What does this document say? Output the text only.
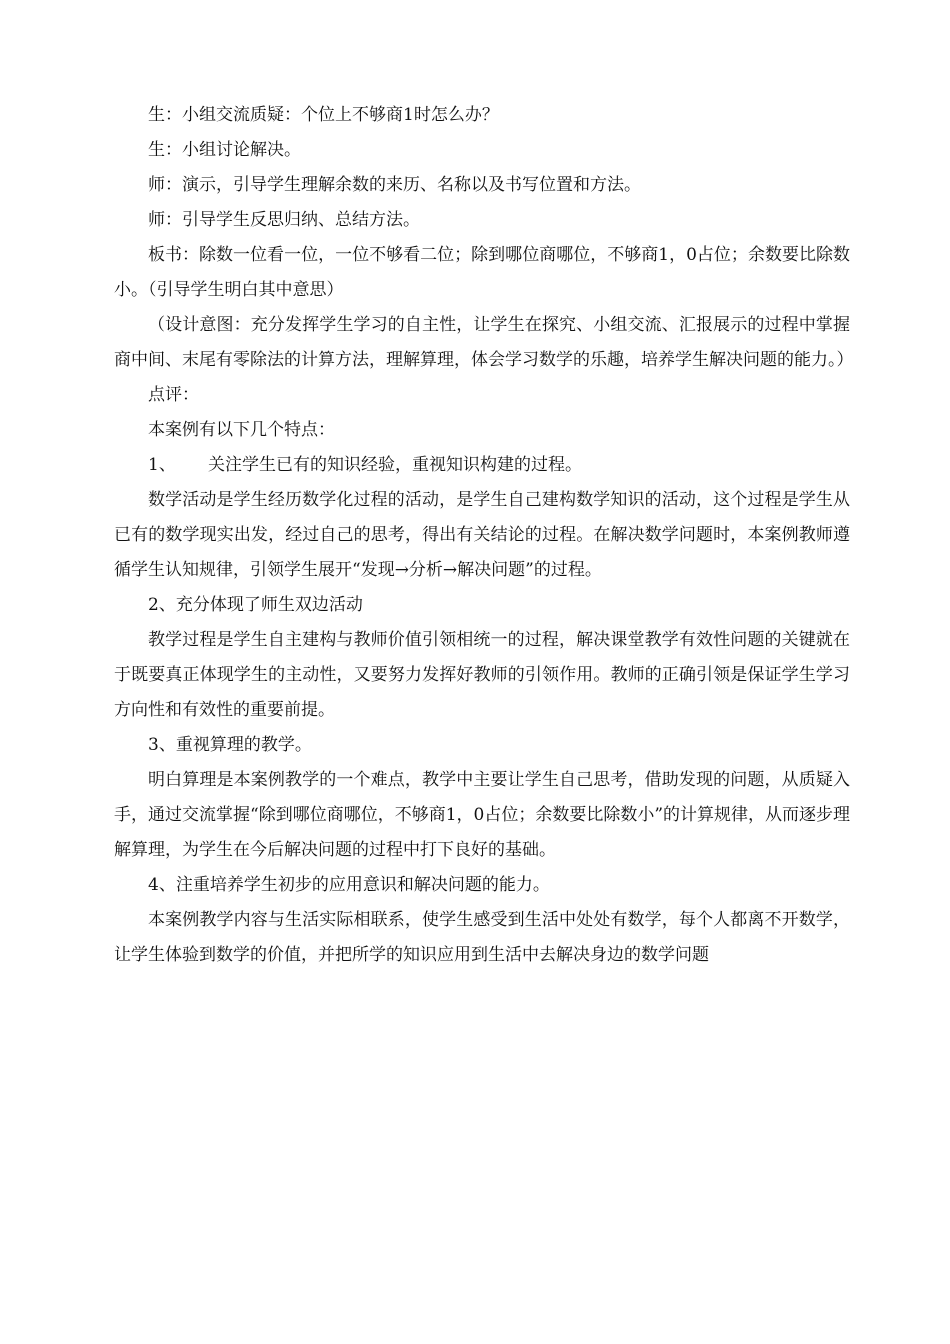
生：小组交流质疑：个位上不够商1时怎么办？

生：小组讨论解决。

师：演示，引导学生理解余数的来历、名称以及书写位置和方法。

师：引导学生反思归纳、总结方法。

板书：除数一位看一位，一位不够看二位；除到哪位商哪位，不够商1，0占位；余数要比除数小。（引导学生明白其中意思）

（设计意图：充分发挥学生学习的自主性，让学生在探究、小组交流、汇报展示的过程中掌握商中间、末尾有零除法的计算方法，理解算理，体会学习数学的乐趣，培养学生解决问题的能力。）

点评：

本案例有以下几个特点：

1、 关注学生已有的知识经验，重视知识构建的过程。

数学活动是学生经历数学化过程的活动，是学生自己建构数学知识的活动，这个过程是学生从已有的数学现实出发，经过自己的思考，得出有关结论的过程。在解决数学问题时，本案例教师遵循学生认知规律，引领学生展开“发现→分析→解决问题”的过程。

2、充分体现了师生双边活动

教学过程是学生自主建构与教师价值引领相统一的过程，解决课堂教学有效性问题的关键就在于既要真正体现学生的主动性，又要努力发挥好教师的引领作用。教师的正确引领是保证学生学习方向性和有效性的重要前提。

3、重视算理的教学。

明白算理是本案例教学的一个难点，教学中主要让学生自己思考，借助发现的问题，从质疑入手，通过交流掌握“除到哪位商哪位，不够商1，0占位；余数要比除数小”的计算规律，从而逐步理解算理，为学生在今后解决问题的过程中打下良好的基础。

4、注重培养学生初步的应用意识和解决问题的能力。

本案例教学内容与生活实际相联系，使学生感受到生活中处处有数学，每个人都离不开数学，让学生体验到数学的价值，并把所学的知识应用到生活中去解决身边的数学问题
